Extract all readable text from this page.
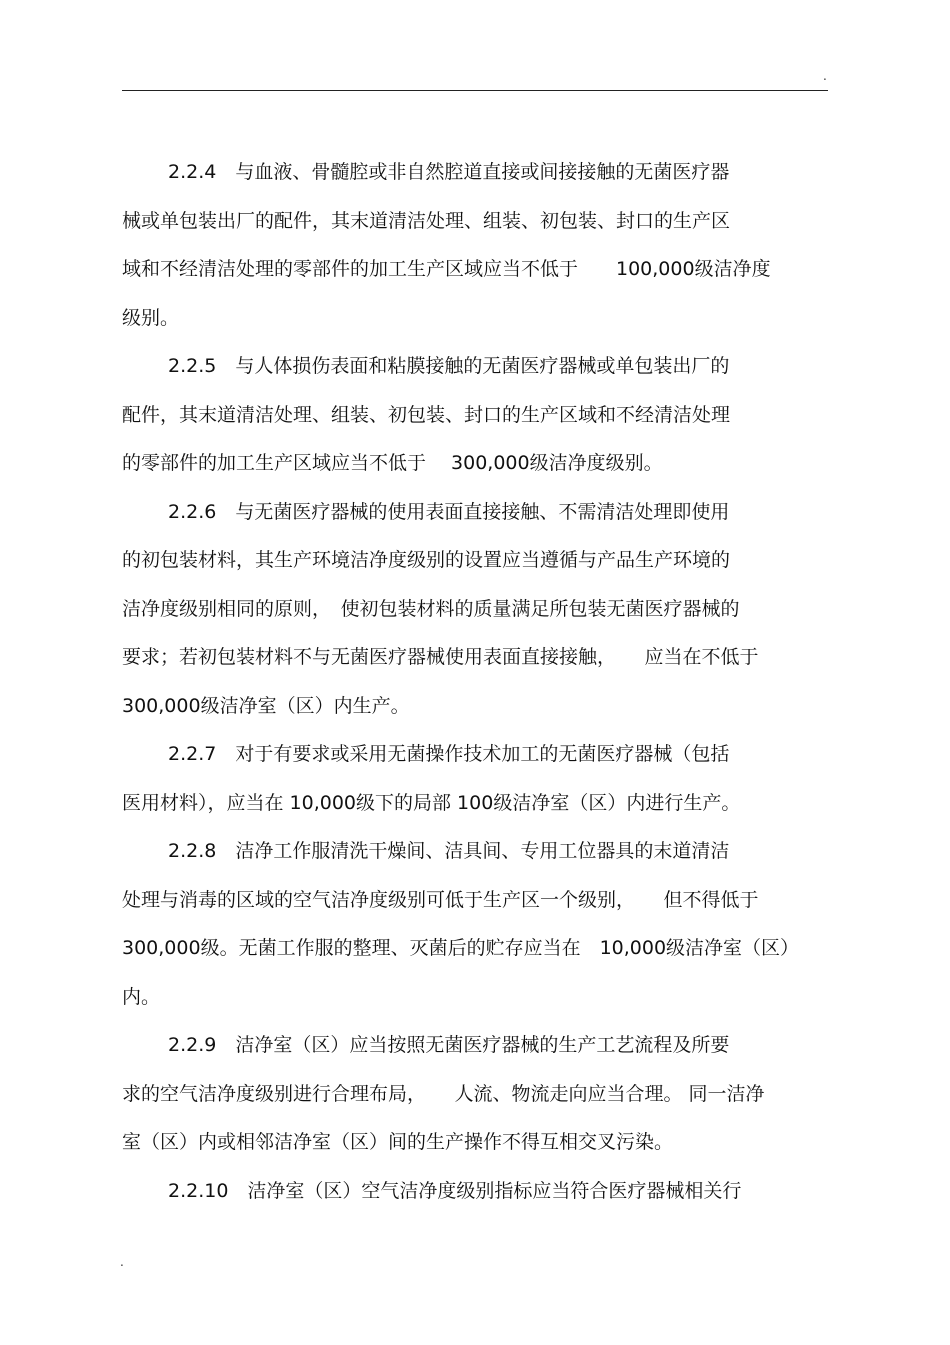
.
2.2.4　与血液、骨髓腔或非自然腔道直接或间接接触的无菌医疗器
械或单包装出厂的配件，其末道清洁处理、组装、初包装、封口的生产区
域和不经清洁处理的零部件的加工生产区域应当不低于　　100,000级洁净度
级别。
2.2.5　与人体损伤表面和粘膜接触的无菌医疗器械或单包装出厂的
配件，其末道清洁处理、组装、初包装、封口的生产区域和不经清洁处理
的零部件的加工生产区域应当不低于　 300,000级洁净度级别。
2.2.6　与无菌医疗器械的使用表面直接接触、不需清洁处理即使用
的初包装材料，其生产环境洁净度级别的设置应当遵循与产品生产环境的
洁净度级别相同的原则，　使初包装材料的质量满足所包装无菌医疗器械的
要求；若初包装材料不与无菌医疗器械使用表面直接接触，　　应当在不低于
300,000级洁净室（区）内生产。
2.2.7　对于有要求或采用无菌操作技术加工的无菌医疗器械（包括
医用材料），应当在 10,000级下的局部 100级洁净室（区）内进行生产。
2.2.8　洁净工作服清洗干燥间、洁具间、专用工位器具的末道清洁
处理与消毒的区域的空气洁净度级别可低于生产区一个级别，　　但不得低于
300,000级。无菌工作服的整理、灭菌后的贮存应当在　10,000级洁净室（区）
内。
2.2.9　洁净室（区）应当按照无菌医疗器械的生产工艺流程及所要
求的空气洁净度级别进行合理布局，　　人流、物流走向应当合理。 同一洁净
室（区）内或相邻洁净室（区）间的生产操作不得互相交叉污染。
2.2.10　洁净室（区）空气洁净度级别指标应当符合医疗器械相关行
.
